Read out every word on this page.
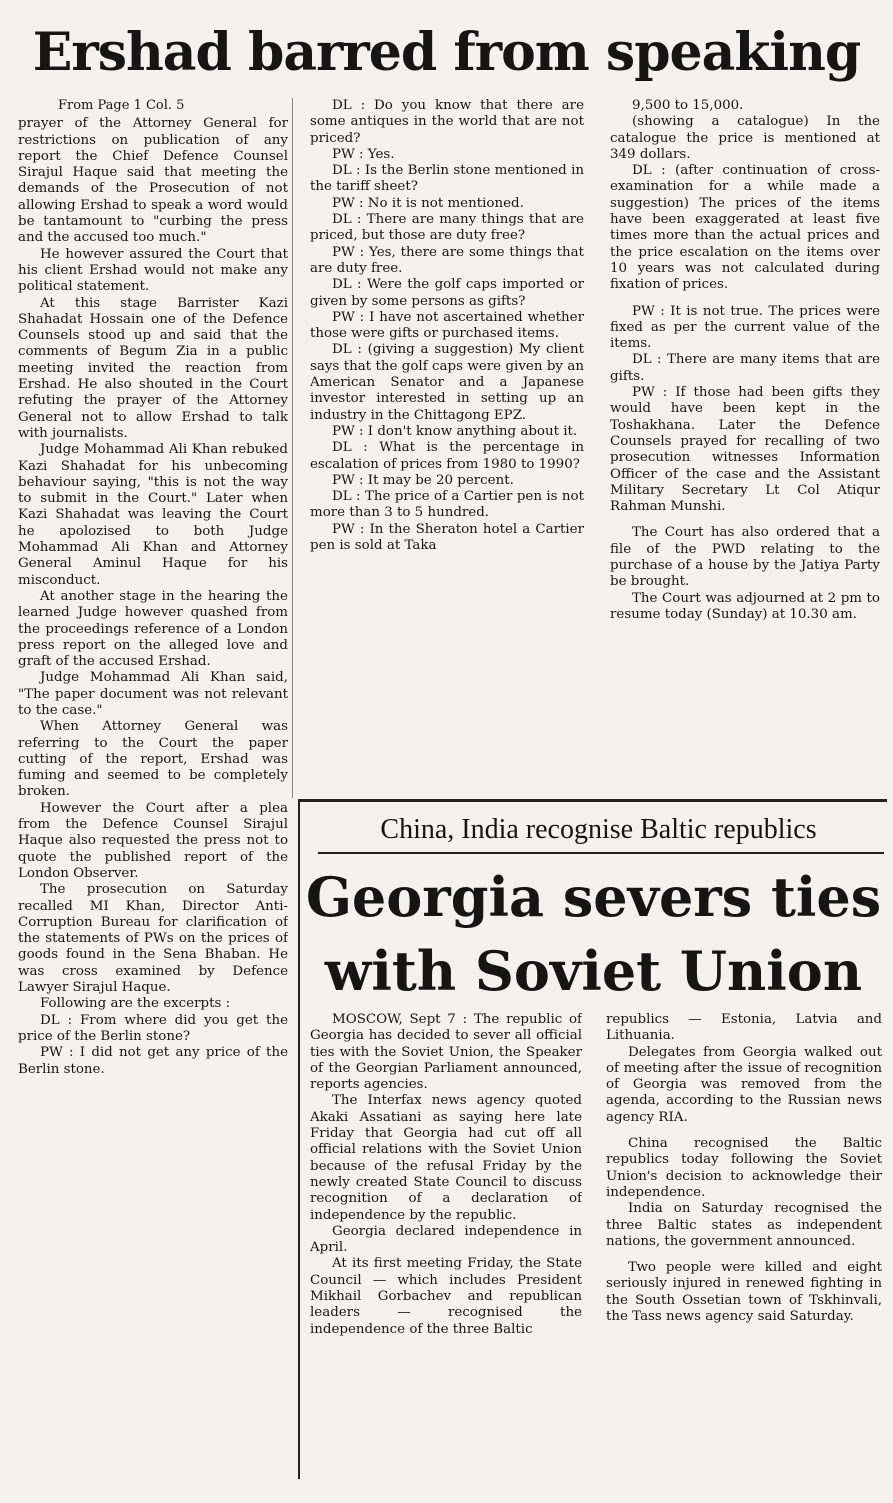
Ershad barred from speaking
From Page 1 Col. 5

prayer of the Attorney General for restrictions on publication of any report the Chief Defence Counsel Sirajul Haque said that meeting the demands of the Prosecution of not allowing Ershad to speak a word would be tantamount to "curbing the press and the accused too much."

He however assured the Court that his client Ershad would not make any political statement.

At this stage Barrister Kazi Shahadat Hossain one of the Defence Counsels stood up and said that the comments of Begum Zia in a public meeting invited the reaction from Ershad. He also shouted in the Court refuting the prayer of the Attorney General not to allow Ershad to talk with journalists.

Judge Mohammad Ali Khan rebuked Kazi Shahadat for his unbecoming behaviour saying, "this is not the way to submit in the Court." Later when Kazi Shahadat was leaving the Court he apolozised to both Judge Mohammad Ali Khan and Attorney General Aminul Haque for his misconduct.

At another stage in the hearing the learned Judge however quashed from the proceedings reference of a London press report on the alleged love and graft of the accused Ershad.

Judge Mohammad Ali Khan said, "The paper document was not relevant to the case."

When Attorney General was referring to the Court the paper cutting of the report, Ershad was fuming and seemed to be completely broken.

However the Court after a plea from the Defence Counsel Sirajul Haque also requested the press not to quote the published report of the London Observer.

The prosecution on Saturday recalled MI Khan, Director Anti-Corruption Bureau for clarification of the statements of PWs on the prices of goods found in the Sena Bhaban. He was cross examined by Defence Lawyer Sirajul Haque.

Following are the excerpts :

DL : From where did you get the price of the Berlin stone?

PW : I did not get any price of the Berlin stone.

DL : Do you know that there are some antiques in the world that are not priced?

PW : Yes.

DL : Is the Berlin stone mentioned in the tariff sheet?

PW : No it is not mentioned.

DL : There are many things that are priced, but those are duty free?

PW : Yes, there are some things that are duty free.

DL : Were the golf caps imported or given by some persons as gifts?

PW : I have not ascertained whether those were gifts or purchased items.

DL : (giving a suggestion) My client says that the golf caps were given by an American Senator and a Japanese investor interested in setting up an industry in the Chittagong EPZ.

PW : I don't know anything about it.

DL : What is the percentage in escalation of prices from 1980 to 1990?

PW : It may be 20 percent.

DL : The price of a Cartier pen is not more than 3 to 5 hundred.

PW : In the Sheraton hotel a Cartier pen is sold at Taka

9,500 to 15,000.

(showing a catalogue) In the catalogue the price is mentioned at 349 dollars.

DL : (after continuation of cross-examination for a while made a suggestion) The prices of the items have been exaggerated at least five times more than the actual prices and the price escalation on the items over 10 years was not calculated during fixation of prices.

PW : It is not true. The prices were fixed as per the current value of the items.

DL : There are many items that are gifts.

PW : If those had been gifts they would have been kept in the Toshakhana. Later the Defence Counsels prayed for recalling of two prosecution witnesses Information Officer of the case and the Assistant Military Secretary Lt Col Atiqur Rahman Munshi.

The Court has also ordered that a file of the PWD relating to the purchase of a house by the Jatiya Party be brought.

The Court was adjourned at 2 pm to resume today (Sunday) at 10.30 am.

China, India recognise Baltic republics
Georgia severs ties with Soviet Union

MOSCOW, Sept 7 : The republic of Georgia has decided to sever all official ties with the Soviet Union, the Speaker of the Georgian Parliament announced, reports agencies.

The Interfax news agency quoted Akaki Assatiani as saying here late Friday that Georgia had cut off all official relations with the Soviet Union because of the refusal Friday by the newly created State Council to discuss recognition of a declaration of independence by the republic.

Georgia declared independence in April.

At its first meeting Friday, the State Council — which includes President Mikhail Gorbachev and republican leaders — recognised the independence of the three Baltic

republics — Estonia, Latvia and Lithuania.

Delegates from Georgia walked out of meeting after the issue of recognition of Georgia was removed from the agenda, according to the Russian news agency RIA.

China recognised the Baltic republics today following the Soviet Union's decision to acknowledge their independence.

India on Saturday recognised the three Baltic states as independent nations, the government announced.

Two people were killed and eight seriously injured in renewed fighting in the South Ossetian town of Tskhinvali, the Tass news agency said Saturday.
